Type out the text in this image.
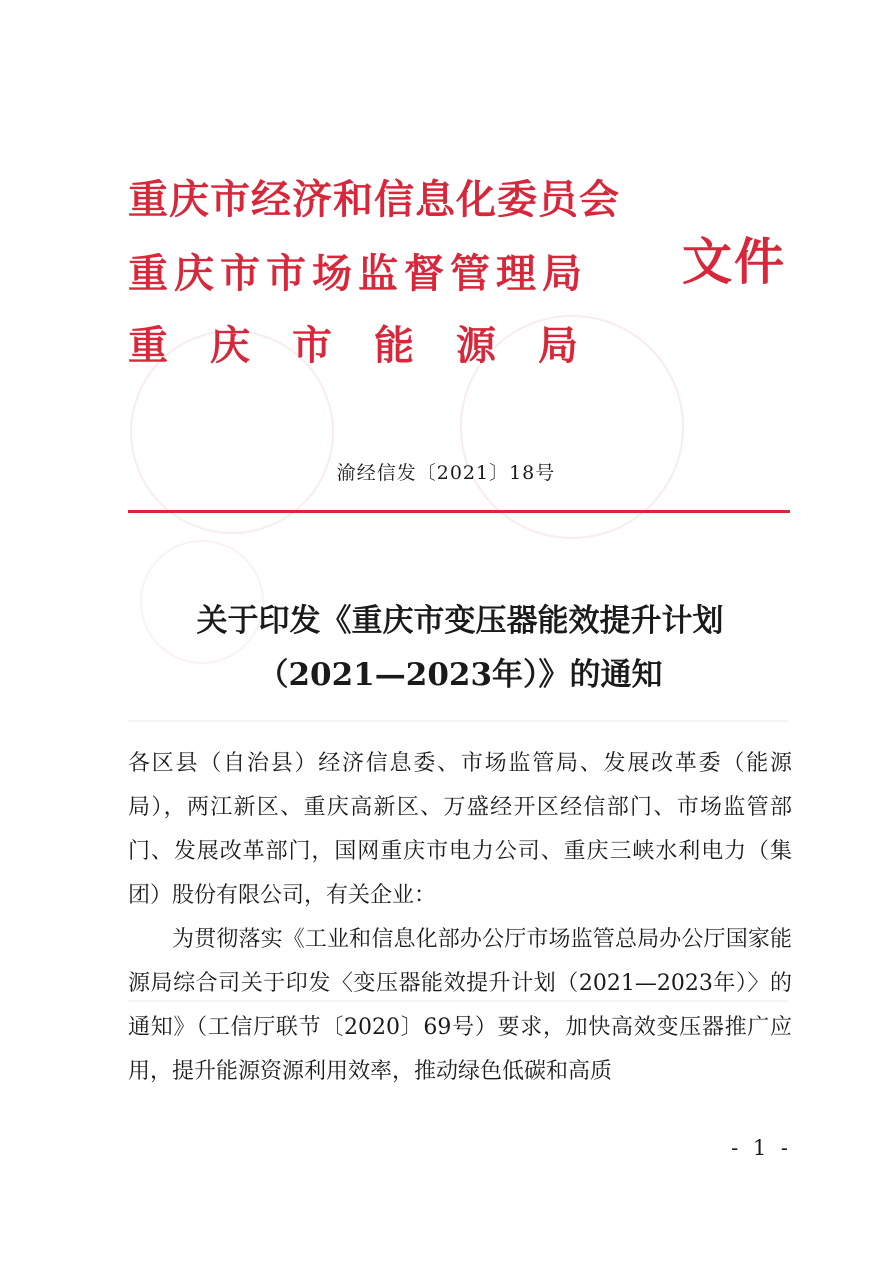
重庆市经济和信息化委员会
重庆市市场监督管理局
重庆市能源局
文件
渝经信发〔2021〕18号
关于印发《重庆市变压器能效提升计划
（2021—2023年）》的通知

各区县（自治县）经济信息委、市场监管局、发展改革委（能源局），两江新区、重庆高新区、万盛经开区经信部门、市场监管部门、发展改革部门，国网重庆市电力公司、重庆三峡水利电力（集团）股份有限公司，有关企业：

为贯彻落实《工业和信息化部办公厅市场监管总局办公厅国家能源局综合司关于印发〈变压器能效提升计划（2021—2023年）〉的通知》（工信厅联节〔2020〕69号）要求，加快高效变压器推广应用，提升能源资源利用效率，推动绿色低碳和高质

- 1 -
